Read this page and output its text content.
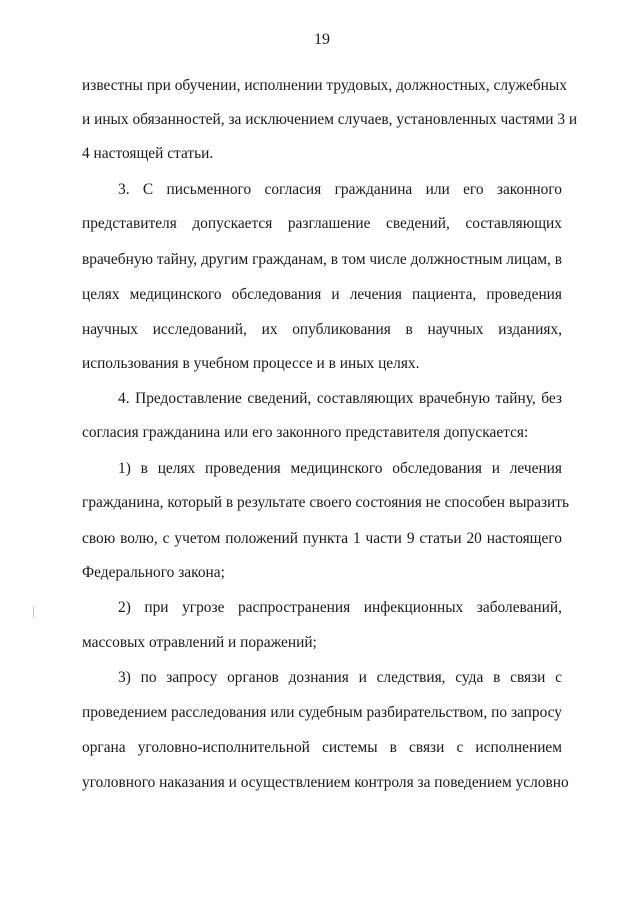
19
известны при обучении, исполнении трудовых, должностных, служебных
и иных обязанностей, за исключением случаев, установленных частями 3 и
4 настоящей статьи.
3. С письменного согласия гражданина или его законного
представителя допускается разглашение сведений, составляющих
врачебную тайну, другим гражданам, в том числе должностным лицам, в
целях медицинского обследования и лечения пациента, проведения
научных исследований, их опубликования в научных изданиях,
использования в учебном процессе и в иных целях.
4. Предоставление сведений, составляющих врачебную тайну, без
согласия гражданина или его законного представителя допускается:
1) в целях проведения медицинского обследования и лечения
гражданина, который в результате своего состояния не способен выразить
свою волю, с учетом положений пункта 1 части 9 статьи 20 настоящего
Федерального закона;
2) при угрозе распространения инфекционных заболеваний,
массовых отравлений и поражений;
3) по запросу органов дознания и следствия, суда в связи с
проведением расследования или судебным разбирательством, по запросу
органа уголовно-исполнительной системы в связи с исполнением
уголовного наказания и осуществлением контроля за поведением условно
